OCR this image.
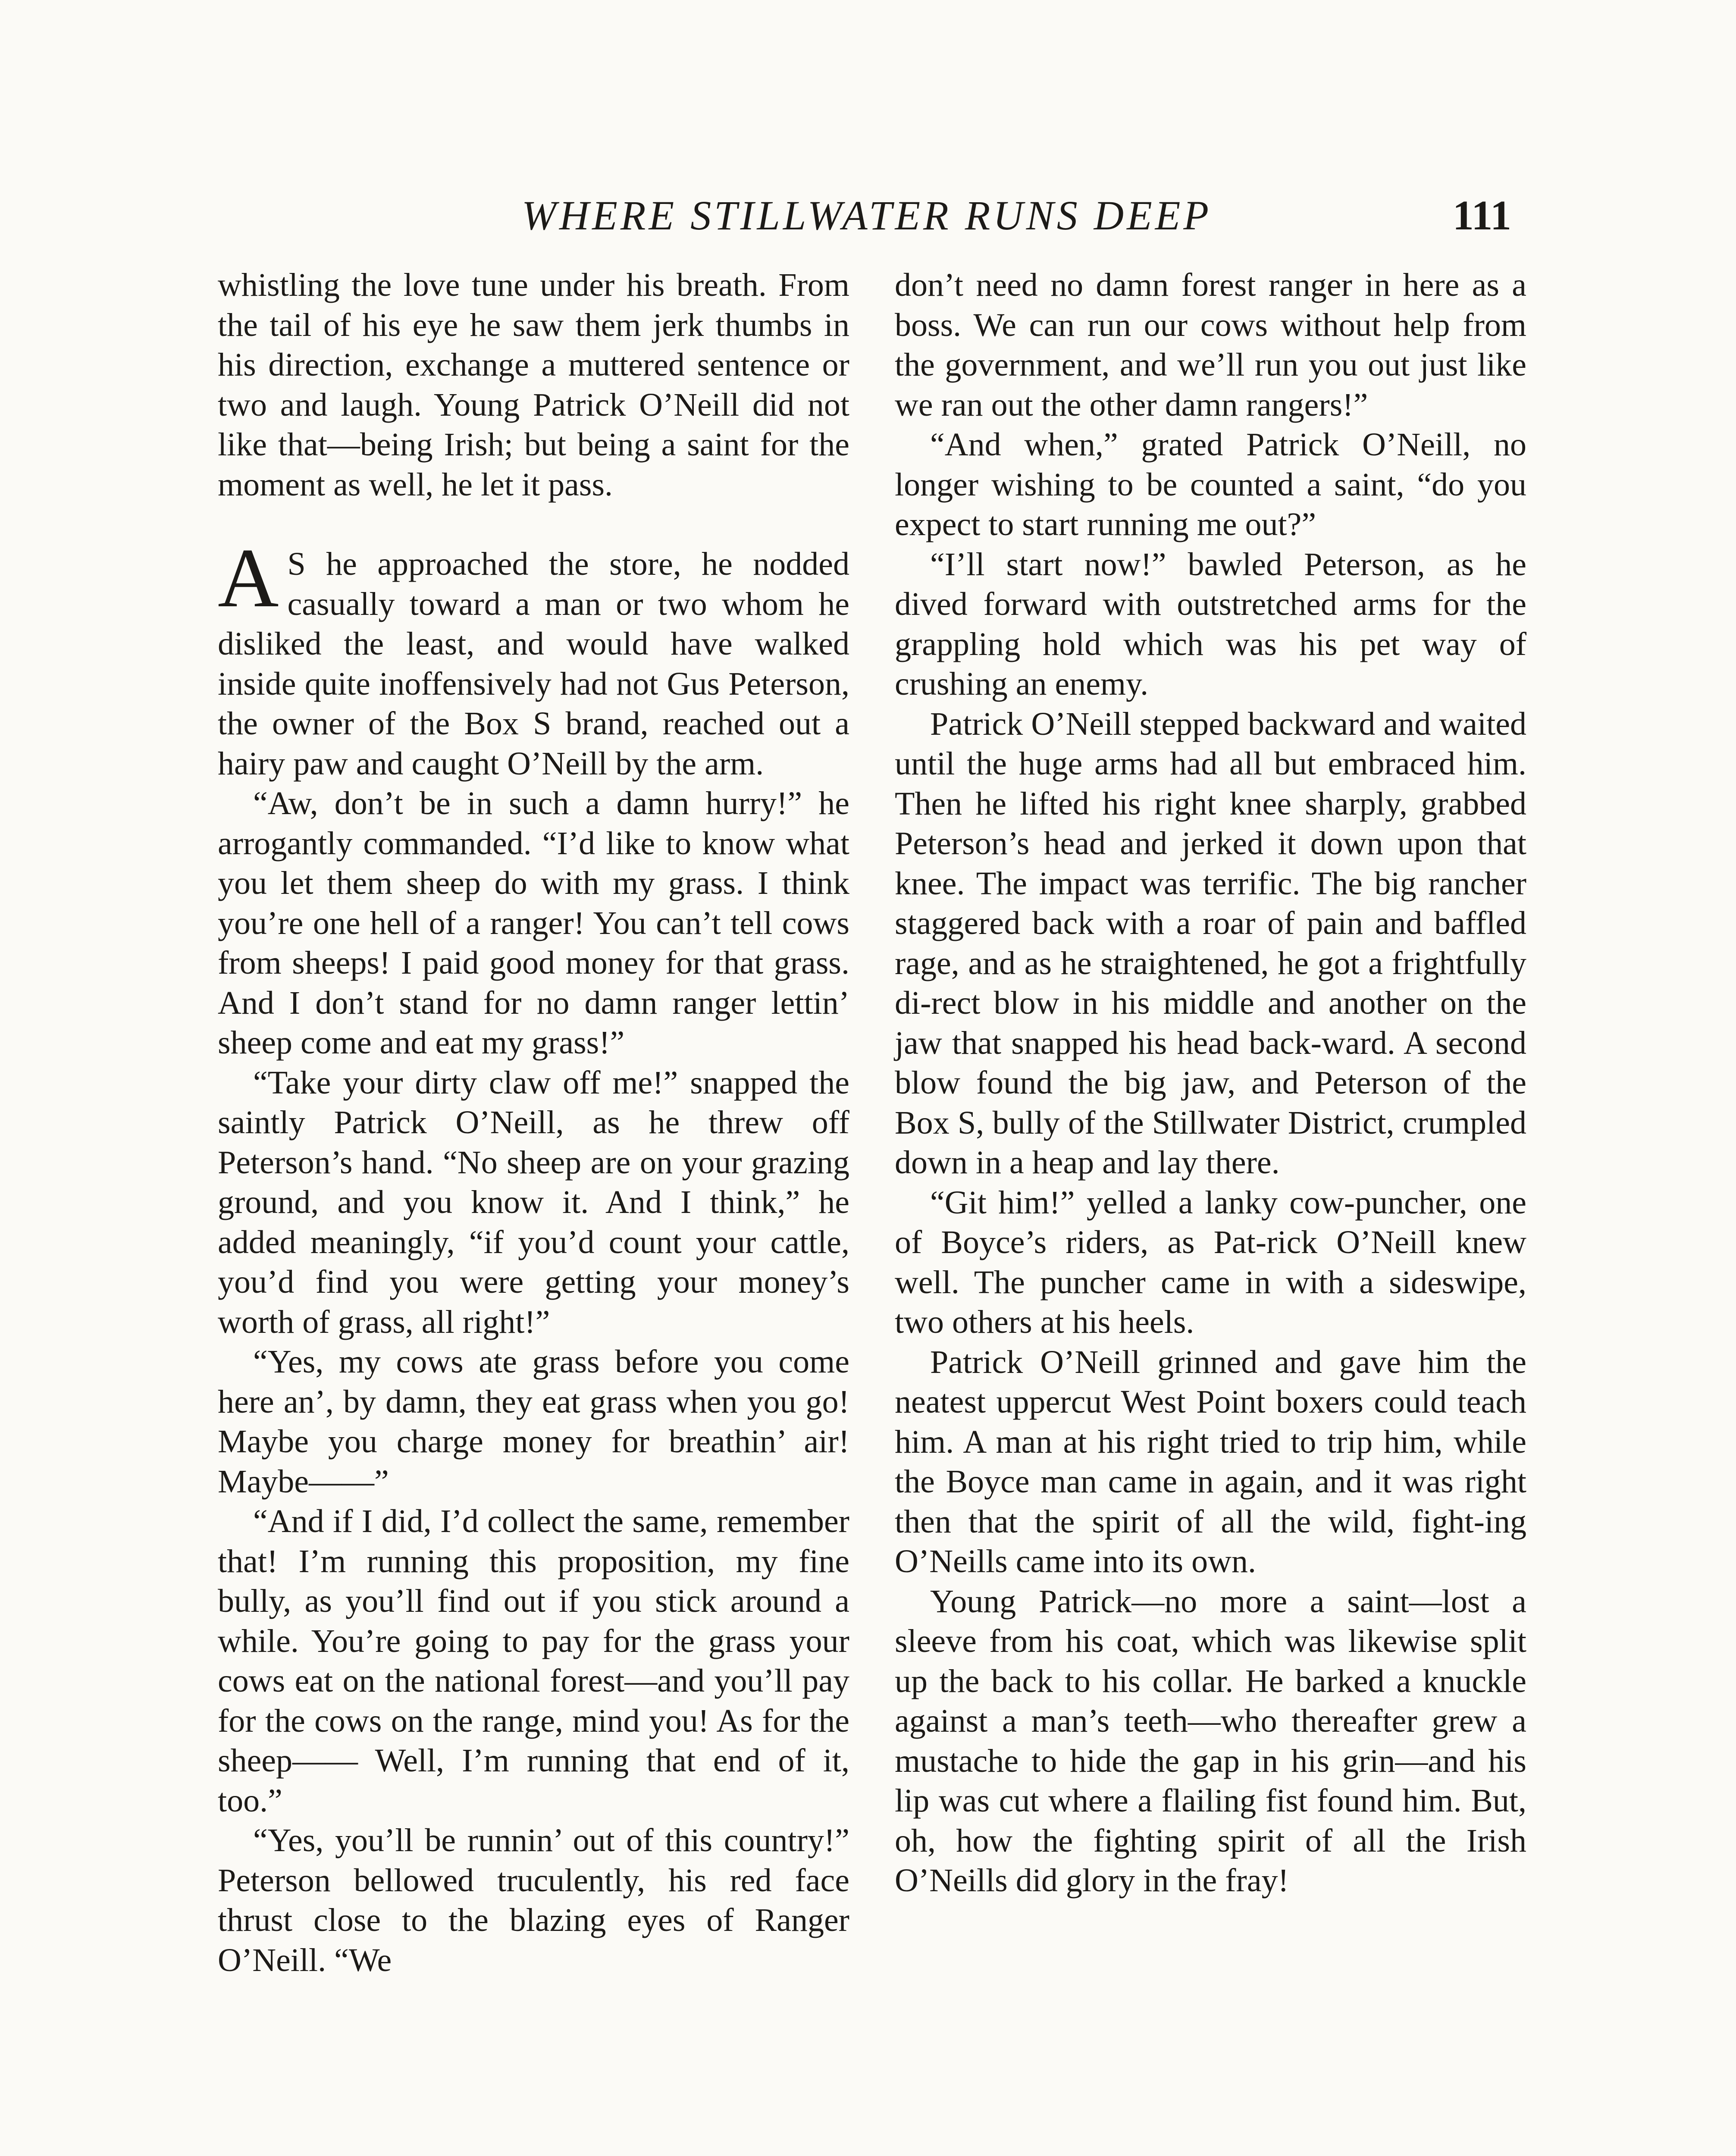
WHERE STILLWATER RUNS DEEP	111

whistling the love tune under his breath. From the tail of his eye he saw them jerk thumbs in his direction, exchange a muttered sentence or two and laugh. Young Patrick O’Neill did not like that—being Irish; but being a saint for the moment as well, he let it pass.

A S he approached the store, he nodded casually toward a man or two whom he disliked the least, and would have walked inside quite inoffensively had not Gus Peterson, the owner of the Box S brand, reached out a hairy paw and caught O’Neill by the arm.

“Aw, don’t be in such a damn hurry!” he arrogantly commanded. “I’d like to know what you let them sheep do with my grass. I think you’re one hell of a ranger! You can’t tell cows from sheeps! I paid good money for that grass. And I don’t stand for no damn ranger lettin’ sheep come and eat my grass!”

“Take your dirty claw off me!” snapped the saintly Patrick O’Neill, as he threw off Peterson’s hand. “No sheep are on your grazing ground, and you know it. And I think,” he added meaningly, “if you’d count your cattle, you’d find you were getting your money’s worth of grass, all right!”

“Yes, my cows ate grass before you come here an’, by damn, they eat grass when you go! Maybe you charge money for breathin’ air! Maybe——”

“And if I did, I’d collect the same, remember that! I’m running this proposition, my fine bully, as you’ll find out if you stick around a while. You’re going to pay for the grass your cows eat on the national forest—and you’ll pay for the cows on the range, mind you! As for the sheep—— Well, I’m running that end of it, too.”

“Yes, you’ll be runnin’ out of this country!” Peterson bellowed truculently, his red face thrust close to the blazing eyes of Ranger O’Neill. “We

don’t need no damn forest ranger in here as a boss. We can run our cows without help from the government, and we’ll run you out just like we ran out the other damn rangers!”

“And when,” grated Patrick O’Neill, no longer wishing to be counted a saint, “do you expect to start running me out?”

“I’ll start now!” bawled Peterson, as he dived forward with outstretched arms for the grappling hold which was his pet way of crushing an enemy.

Patrick O’Neill stepped backward and waited until the huge arms had all but embraced him. Then he lifted his right knee sharply, grabbed Peterson’s head and jerked it down upon that knee. The impact was terrific. The big rancher staggered back with a roar of pain and baffled rage, and as he straightened, he got a frightfully di-rect blow in his middle and another on the jaw that snapped his head back-ward. A second blow found the big jaw, and Peterson of the Box S, bully of the Stillwater District, crumpled down in a heap and lay there.

“Git him!” yelled a lanky cow-puncher, one of Boyce’s riders, as Pat-rick O’Neill knew well. The puncher came in with a sideswipe, two others at his heels.

Patrick O’Neill grinned and gave him the neatest uppercut West Point boxers could teach him. A man at his right tried to trip him, while the Boyce man came in again, and it was right then that the spirit of all the wild, fight-ing O’Neills came into its own.

Young Patrick—no more a saint—lost a sleeve from his coat, which was likewise split up the back to his collar. He barked a knuckle against a man’s teeth—who thereafter grew a mustache to hide the gap in his grin—and his lip was cut where a flailing fist found him. But, oh, how the fighting spirit of all the Irish O’Neills did glory in the fray!
